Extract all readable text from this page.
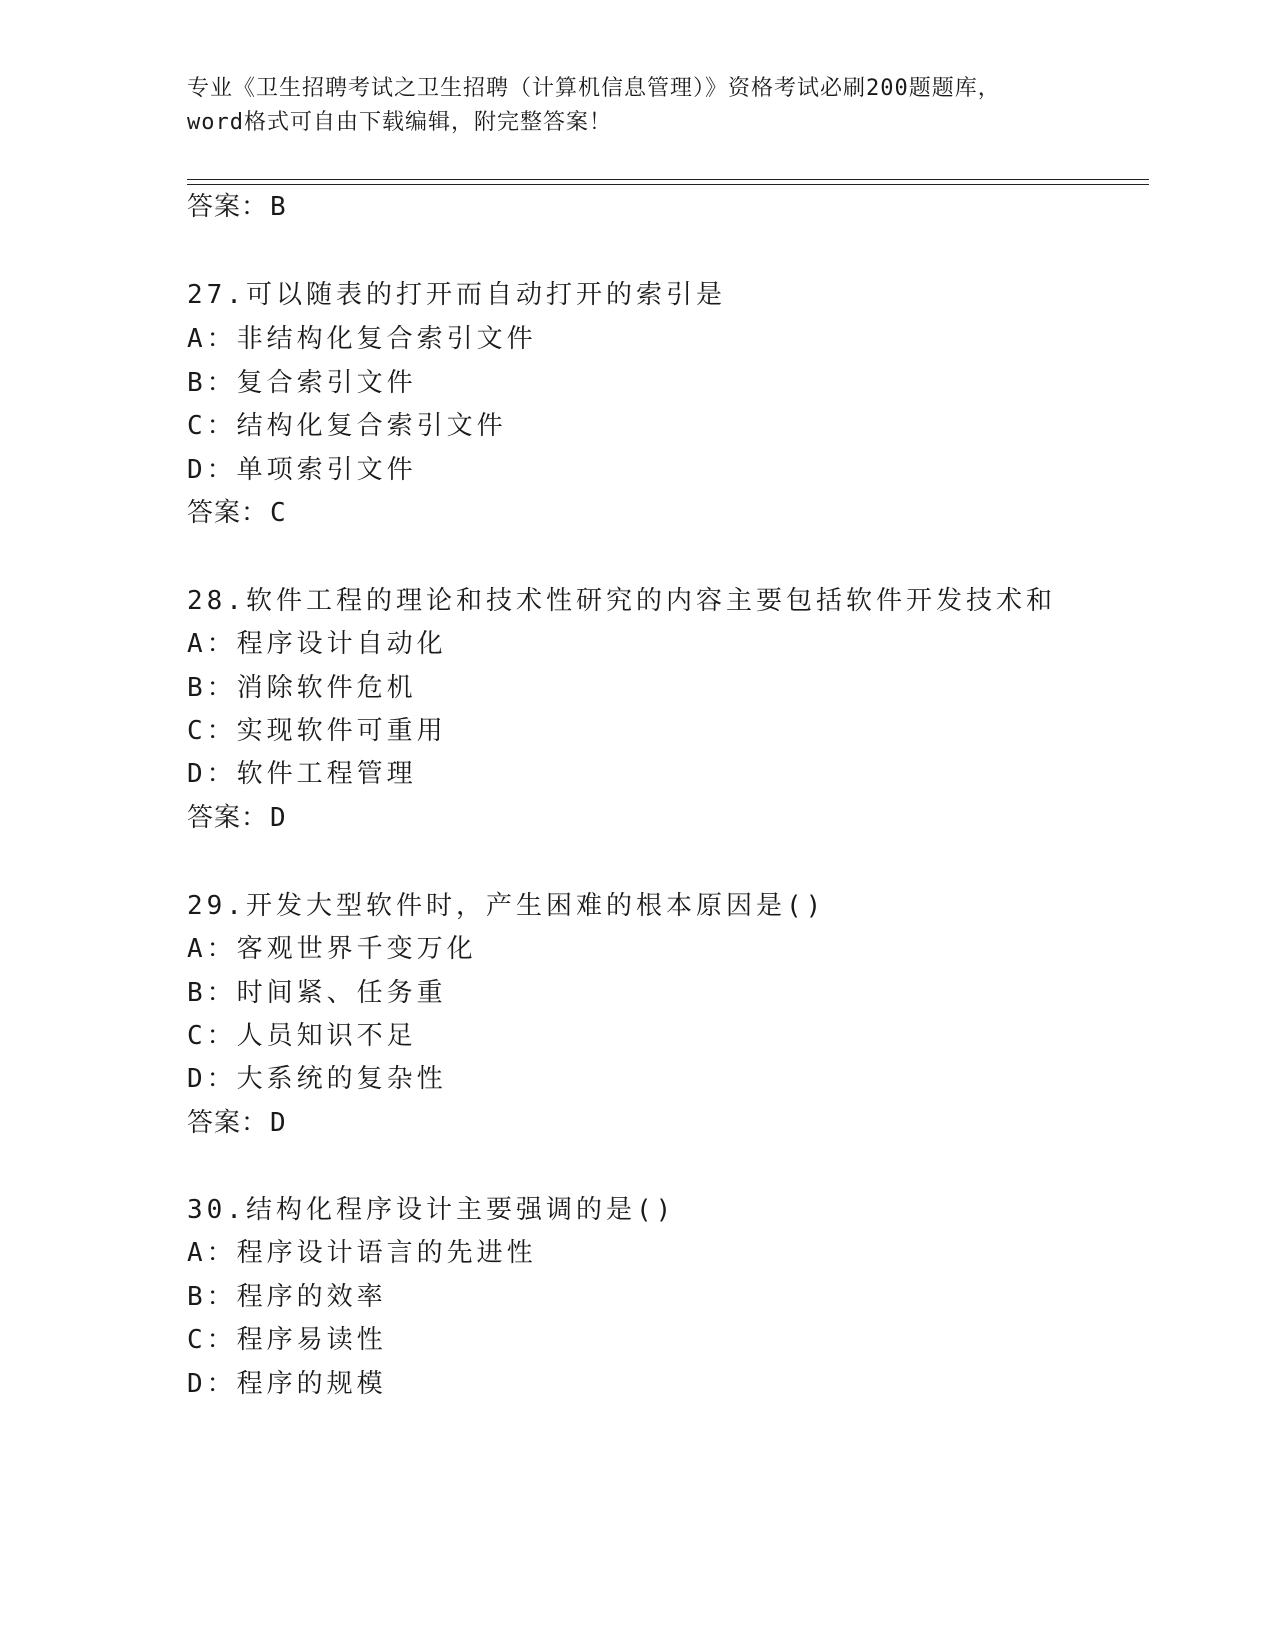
专业《卫生招聘考试之卫生招聘（计算机信息管理）》资格考试必刷200题题库，
word格式可自由下载编辑，附完整答案！
答案：B
27.可以随表的打开而自动打开的索引是
A：非结构化复合索引文件
B：复合索引文件
C：结构化复合索引文件
D：单项索引文件
答案：C
28.软件工程的理论和技术性研究的内容主要包括软件开发技术和
A：程序设计自动化
B：消除软件危机
C：实现软件可重用
D：软件工程管理
答案：D
29.开发大型软件时，产生困难的根本原因是()
A：客观世界千变万化
B：时间紧、任务重
C：人员知识不足
D：大系统的复杂性
答案：D
30.结构化程序设计主要强调的是()
A：程序设计语言的先进性
B：程序的效率
C：程序易读性
D：程序的规模
